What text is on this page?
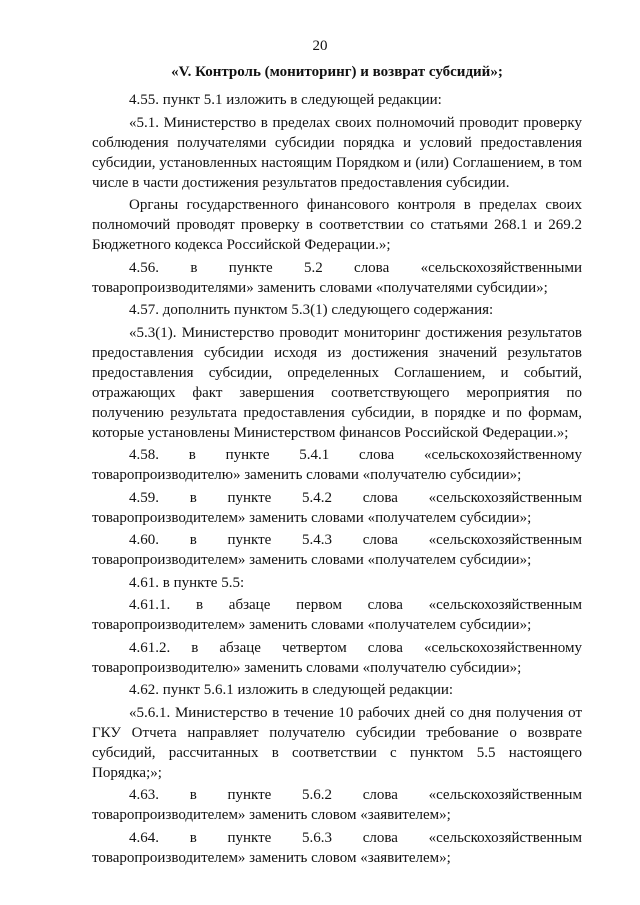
20
«V. Контроль (мониторинг) и возврат субсидий»;

4.55. пункт 5.1 изложить в следующей редакции:

«5.1. Министерство в пределах своих полномочий проводит проверку соблюдения получателями субсидии порядка и условий предоставления субсидии, установленных настоящим Порядком и (или) Соглашением, в том числе в части достижения результатов предоставления субсидии.

Органы государственного финансового контроля в пределах своих полномочий проводят проверку в соответствии со статьями 268.1 и 269.2 Бюджетного кодекса Российской Федерации.»;

4.56. в пункте 5.2 слова «сельскохозяйственными товаропроизводителями» заменить словами «получателями субсидии»;

4.57. дополнить пунктом 5.3(1) следующего содержания:

«5.3(1). Министерство проводит мониторинг достижения результатов предоставления субсидии исходя из достижения значений результатов предоставления субсидии, определенных Соглашением, и событий, отражающих факт завершения соответствующего мероприятия по получению результата предоставления субсидии, в порядке и по формам, которые установлены Министерством финансов Российской Федерации.»;

4.58. в пункте 5.4.1 слова «сельскохозяйственному товаропроизводителю» заменить словами «получателю субсидии»;

4.59. в пункте 5.4.2 слова «сельскохозяйственным товаропроизводителем» заменить словами «получателем субсидии»;

4.60. в пункте 5.4.3 слова «сельскохозяйственным товаропроизводителем» заменить словами «получателем субсидии»;

4.61. в пункте 5.5:

4.61.1. в абзаце первом слова «сельскохозяйственным товаропроизводителем» заменить словами «получателем субсидии»;

4.61.2. в абзаце четвертом слова «сельскохозяйственному товаропроизводителю» заменить словами «получателю субсидии»;

4.62. пункт 5.6.1 изложить в следующей редакции:

«5.6.1. Министерство в течение 10 рабочих дней со дня получения от ГКУ Отчета направляет получателю субсидии требование о возврате субсидий, рассчитанных в соответствии с пунктом 5.5 настоящего Порядка;»;

4.63. в пункте 5.6.2 слова «сельскохозяйственным товаропроизводителем» заменить словом «заявителем»;

4.64. в пункте 5.6.3 слова «сельскохозяйственным товаропроизводителем» заменить словом «заявителем»;
